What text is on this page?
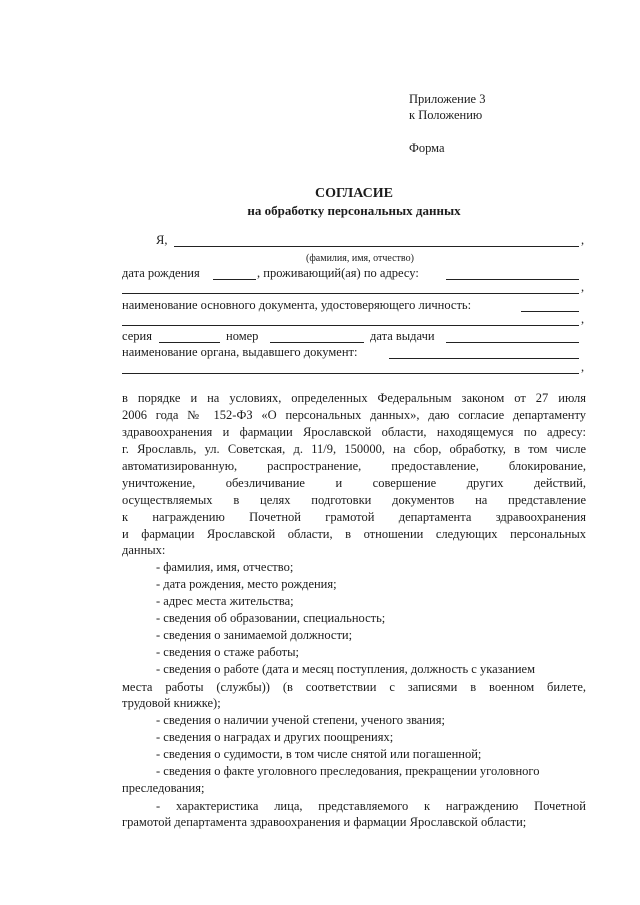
Приложение 3
к Положению
Форма
СОГЛАСИЕ
на обработку персональных данных
Я,	,
(фамилия, имя, отчество)
дата рождения	, проживающий(ая) по адресу:
,
наименование основного документа, удостоверяющего личность:
,
серия	номер	дата выдачи
наименование органа, выдавшего документ:
,
в порядке и на условиях, определенных Федеральным законом от 27 июля
2006 года № 152-ФЗ «О персональных данных», даю согласие департаменту
здравоохранения и фармации Ярославской области, находящемуся по адресу:
г. Ярославль, ул. Советская, д. 11/9, 150000, на сбор, обработку, в том числе
автоматизированную, распространение, предоставление, блокирование,
уничтожение, обезличивание и совершение других действий,
осуществляемых в целях подготовки документов на представление
к награждению Почетной грамотой департамента здравоохранения
и фармации Ярославской области, в отношении следующих персональных
данных:
- фамилия, имя, отчество;
- дата рождения, место рождения;
- адрес места жительства;
- сведения об образовании, специальность;
- сведения о занимаемой должности;
- сведения о стаже работы;
- сведения о работе (дата и месяц поступления, должность с указанием
места работы (службы)) (в соответствии с записями в военном билете,
трудовой книжке);
- сведения о наличии ученой степени, ученого звания;
- сведения о наградах и других поощрениях;
- сведения о судимости, в том числе снятой или погашенной;
- сведения о факте уголовного преследования, прекращении уголовного
преследования;
- характеристика лица, представляемого к награждению Почетной
грамотой департамента здравоохранения и фармации Ярославской области;
